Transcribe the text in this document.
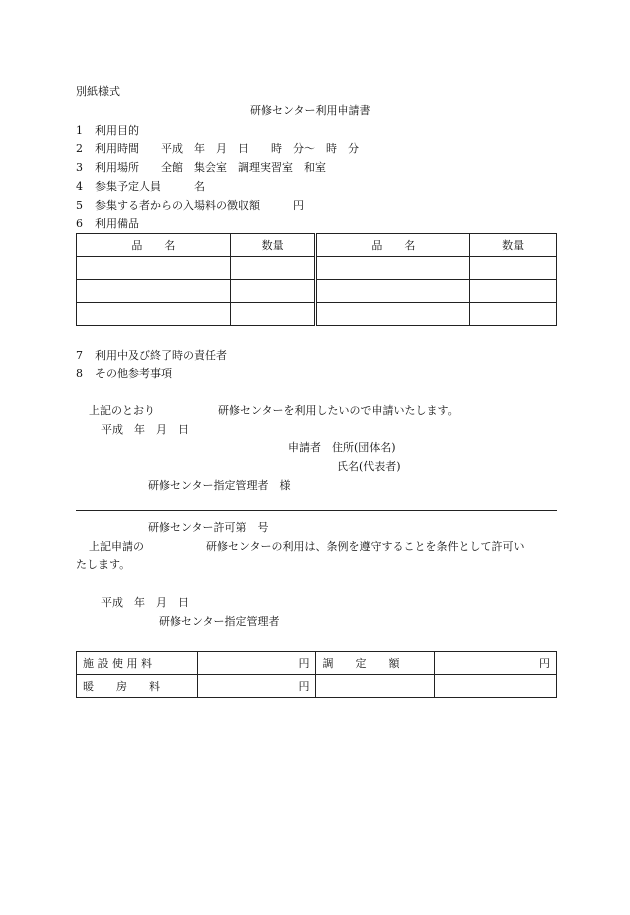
別紙様式
研修センター利用申請書
1 利用目的
2 利用時間　　平成　年　月　日　　時　分～　時　分
3 利用場所　　全館　集会室　調理実習室　和室
4 参集予定人員　　　名
5 参集する者からの入場料の徴収額　　　円
6 利用備品
品　　名	数量	品　　名	数量

7 利用中及び終了時の責任者
8 その他参考事項
上記のとおり	研修センターを利用したいので申請いたします。
平成　年　月　日
申請者　住所(団体名)
氏名(代表者)
研修センター指定管理者　様
研修センター許可第　号
上記申請の	研修センターの利用は、条例を遵守することを条件として許可い
たします。
平成　年　月　日
研修センター指定管理者
施 設 使 用 料	円	調　　定　　額	円
暖　　房　　料	円		
